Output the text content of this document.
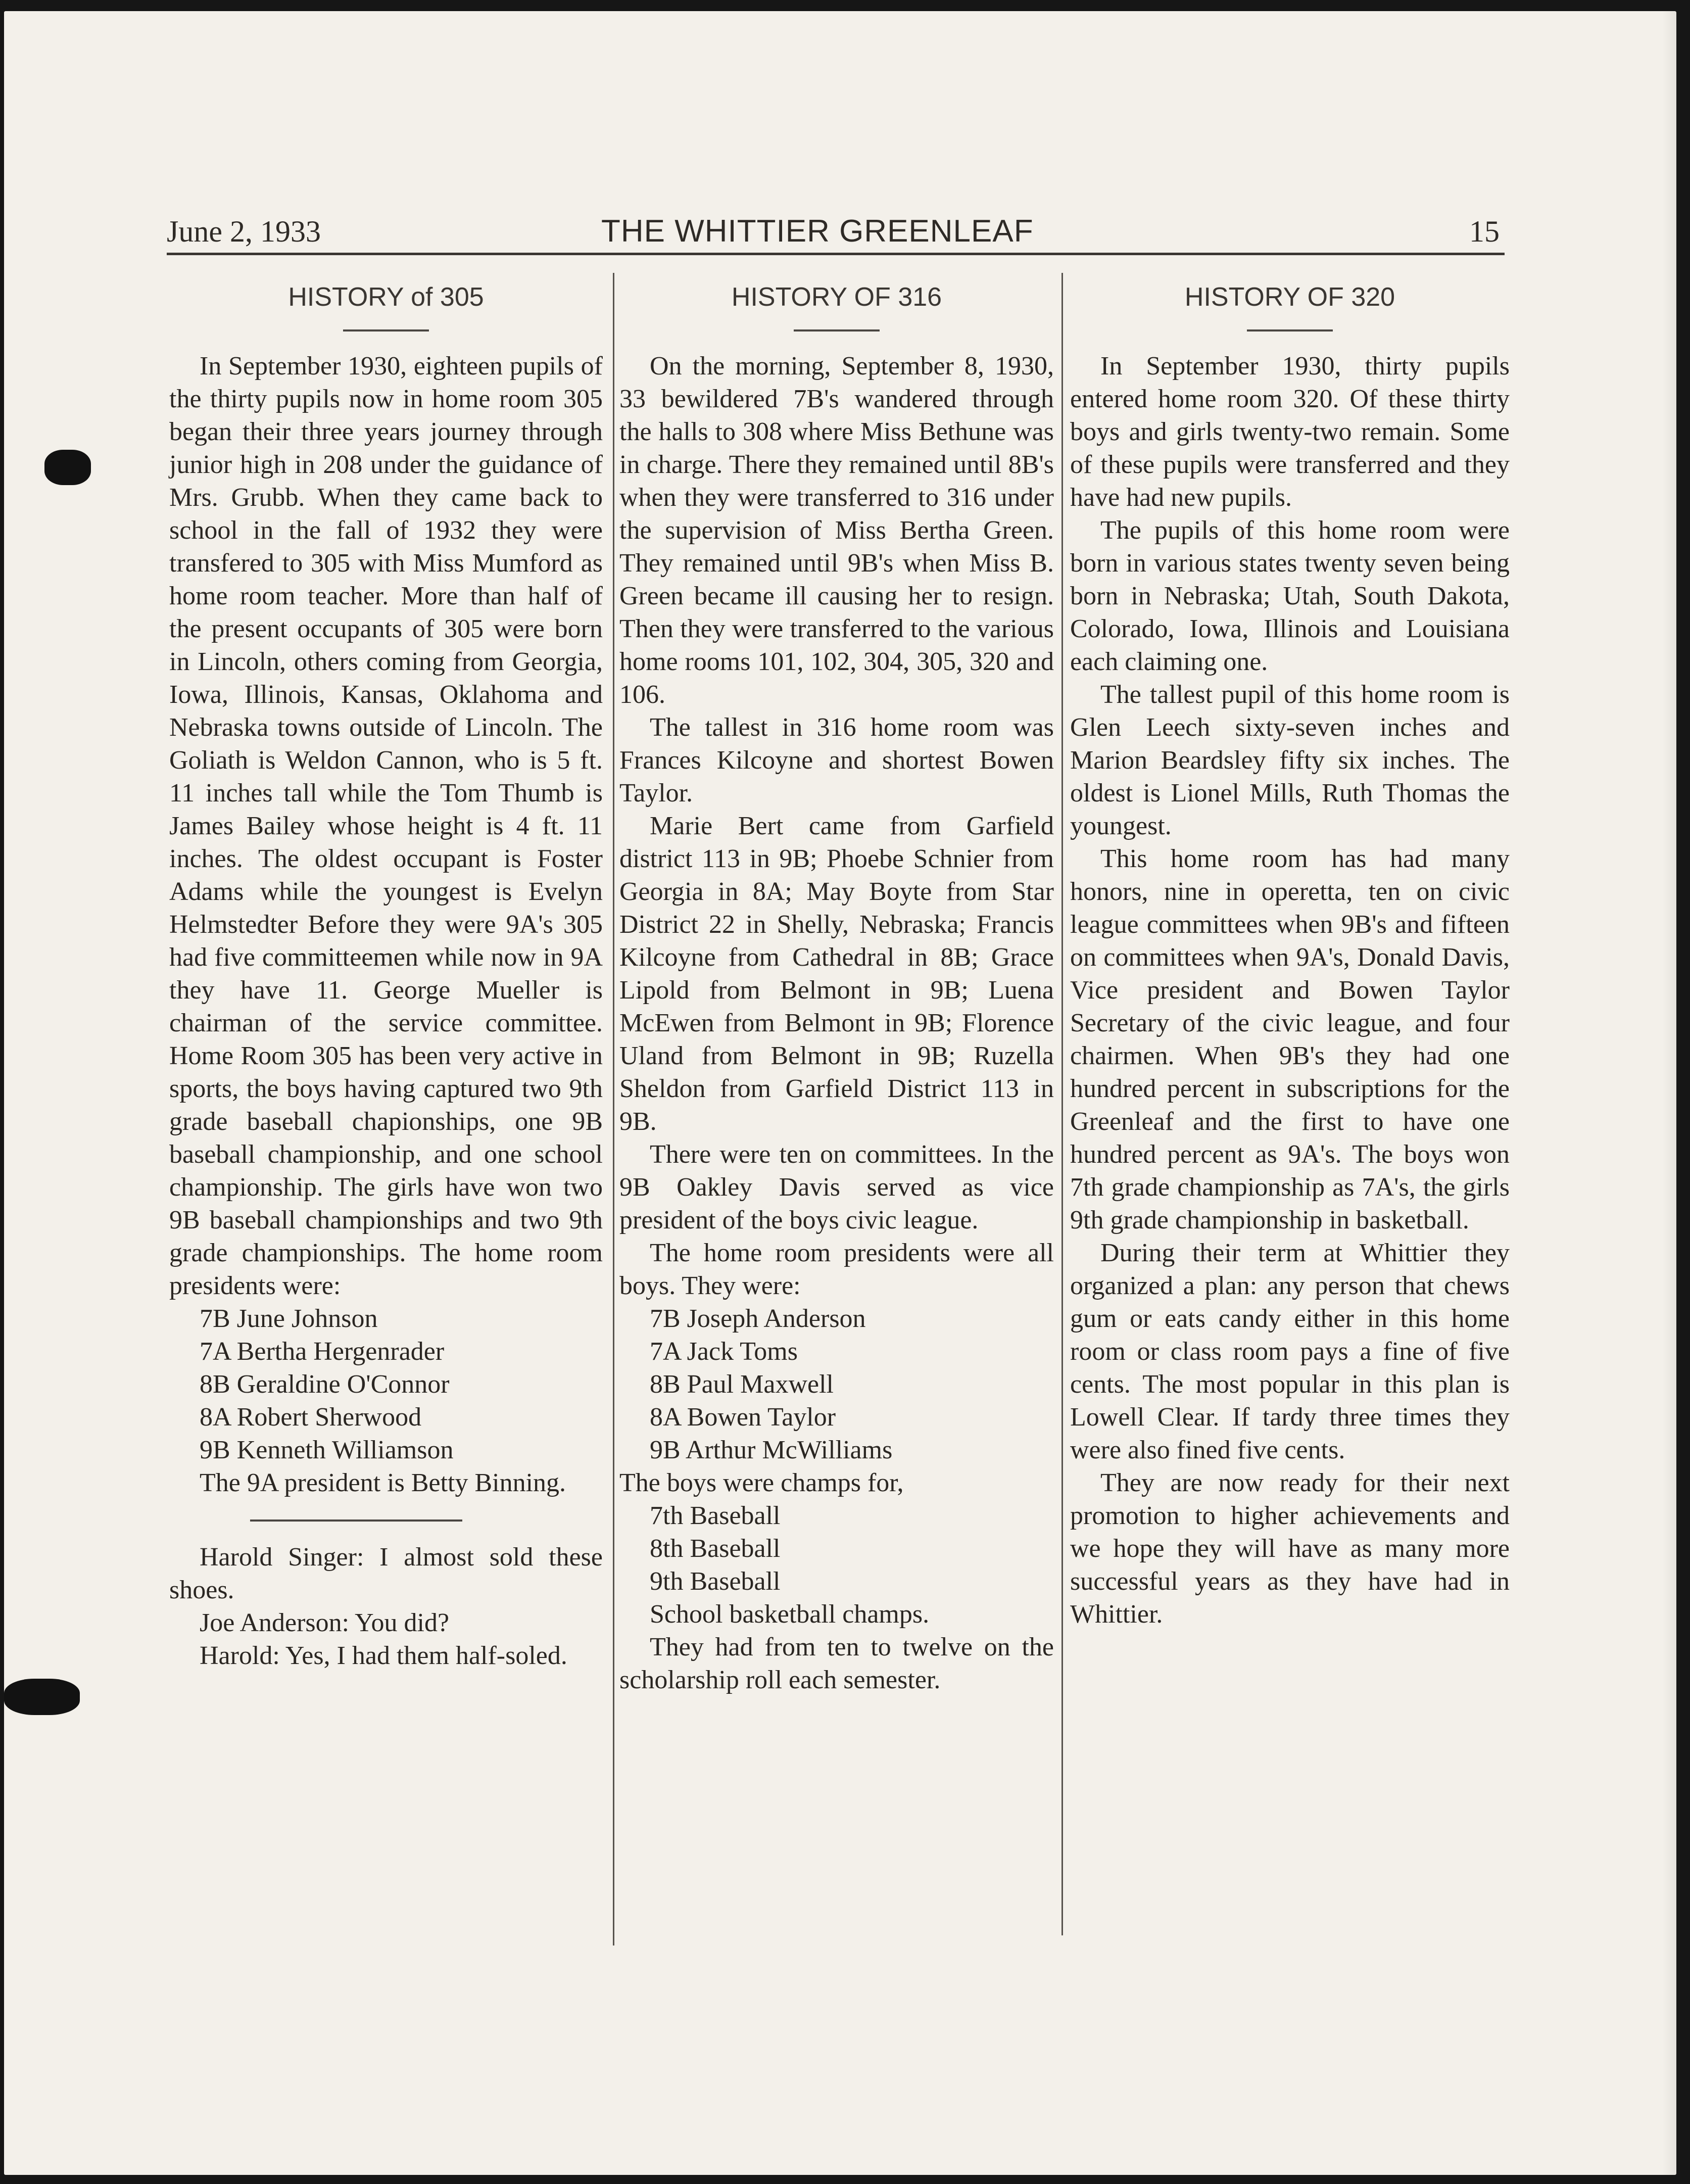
June 2, 1933	THE WHITTIER GREENLEAF	15
HISTORY of 305

In September 1930, eighteen pupils of the thirty pupils now in home room 305 began their three years journey through junior high in 208 under the guidance of Mrs. Grubb. When they came back to school in the fall of 1932 they were transfered to 305 with Miss Mumford as home room teacher. More than half of the present occupants of 305 were born in Lincoln, others coming from Georgia, Iowa, Illinois, Kansas, Oklahoma and Nebraska towns outside of Lincoln. The Goliath is Weldon Cannon, who is 5 ft. 11 inches tall while the Tom Thumb is James Bailey whose height is 4 ft. 11 inches. The oldest occupant is Foster Adams while the youngest is Evelyn Helmstedter Before they were 9A's 305 had five committeemen while now in 9A they have 11. George Mueller is chairman of the service committee. Home Room 305 has been very active in sports, the boys having captured two 9th grade baseball chapionships, one 9B baseball championship, and one school championship. The girls have won two 9B baseball championships and two 9th grade championships. The home room presidents were:

7B June Johnson

7A Bertha Hergenrader

8B Geraldine O'Connor

8A Robert Sherwood

9B Kenneth Williamson

The 9A president is Betty Binning.

Harold Singer: I almost sold these shoes.

Joe Anderson: You did?

Harold: Yes, I had them half-soled.

HISTORY OF 316

On the morning, September 8, 1930, 33 bewildered 7B's wandered through the halls to 308 where Miss Bethune was in charge. There they remained until 8B's when they were transferred to 316 under the supervision of Miss Bertha Green. They remained until 9B's when Miss B. Green became ill causing her to resign. Then they were transferred to the various home rooms 101, 102, 304, 305, 320 and 106.

The tallest in 316 home room was Frances Kilcoyne and shortest Bowen Taylor.

Marie Bert came from Garfield district 113 in 9B; Phoebe Schnier from Georgia in 8A; May Boyte from Star District 22 in Shelly, Nebraska; Francis Kilcoyne from Cathedral in 8B; Grace Lipold from Belmont in 9B; Luena McEwen from Belmont in 9B; Florence Uland from Belmont in 9B; Ruzella Sheldon from Garfield District 113 in 9B.

There were ten on committees. In the 9B Oakley Davis served as vice president of the boys civic league.

The home room presidents were all boys. They were:

7B Joseph Anderson

7A Jack Toms

8B Paul Maxwell

8A Bowen Taylor

9B Arthur McWilliams

The boys were champs for,

7th Baseball

8th Baseball

9th Baseball

School basketball champs.

They had from ten to twelve on the scholarship roll each semester.

HISTORY OF 320

In September 1930, thirty pupils entered home room 320. Of these thirty boys and girls twenty-two remain. Some of these pupils were transferred and they have had new pupils.

The pupils of this home room were born in various states twenty seven being born in Nebraska; Utah, South Dakota, Colorado, Iowa, Illinois and Louisiana each claiming one.

The tallest pupil of this home room is Glen Leech sixty-seven inches and Marion Beardsley fifty six inches. The oldest is Lionel Mills, Ruth Thomas the youngest.

This home room has had many honors, nine in operetta, ten on civic league committees when 9B's and fifteen on committees when 9A's, Donald Davis, Vice president and Bowen Taylor Secretary of the civic league, and four chairmen. When 9B's they had one hundred percent in subscriptions for the Greenleaf and the first to have one hundred percent as 9A's. The boys won 7th grade championship as 7A's, the girls 9th grade championship in basketball.

During their term at Whittier they organized a plan: any person that chews gum or eats candy either in this home room or class room pays a fine of five cents. The most popular in this plan is Lowell Clear. If tardy three times they were also fined five cents.

They are now ready for their next promotion to higher achievements and we hope they will have as many more successful years as they have had in Whittier.
